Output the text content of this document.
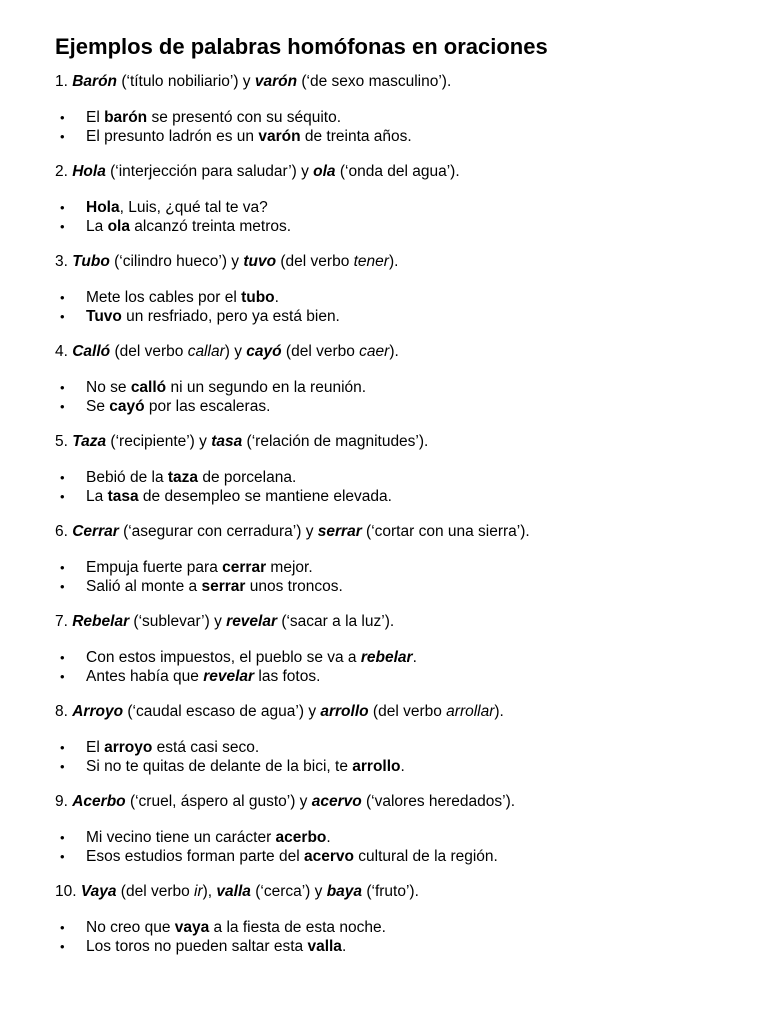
Ejemplos de palabras homófonas en oraciones

1. Barón (‘título nobiliario’) y varón (‘de sexo masculino’).

• El barón se presentó con su séquito.
• El presunto ladrón es un varón de treinta años.

2. Hola (‘interjección para saludar’) y ola (‘onda del agua’).

• Hola, Luis, ¿qué tal te va?
• La ola alcanzó treinta metros.

3. Tubo (‘cilindro hueco’) y tuvo (del verbo tener).

• Mete los cables por el tubo.
• Tuvo un resfriado, pero ya está bien.

4. Calló (del verbo callar) y cayó (del verbo caer).

• No se calló ni un segundo en la reunión.
• Se cayó por las escaleras.

5. Taza (‘recipiente’) y tasa (‘relación de magnitudes’).

• Bebió de la taza de porcelana.
• La tasa de desempleo se mantiene elevada.

6. Cerrar (‘asegurar con cerradura’) y serrar (‘cortar con una sierra’).

• Empuja fuerte para cerrar mejor.
• Salió al monte a serrar unos troncos.

7. Rebelar (‘sublevar’) y revelar (‘sacar a la luz’).

• Con estos impuestos, el pueblo se va a rebelar.
• Antes había que revelar las fotos.

8. Arroyo (‘caudal escaso de agua’) y arrollo (del verbo arrollar).

• El arroyo está casi seco.
• Si no te quitas de delante de la bici, te arrollo.

9. Acerbo (‘cruel, áspero al gusto’) y acervo (‘valores heredados’).

• Mi vecino tiene un carácter acerbo.
• Esos estudios forman parte del acervo cultural de la región.

10. Vaya (del verbo ir), valla (‘cerca’) y baya (‘fruto’).

• No creo que vaya a la fiesta de esta noche.
• Los toros no pueden saltar esta valla.
